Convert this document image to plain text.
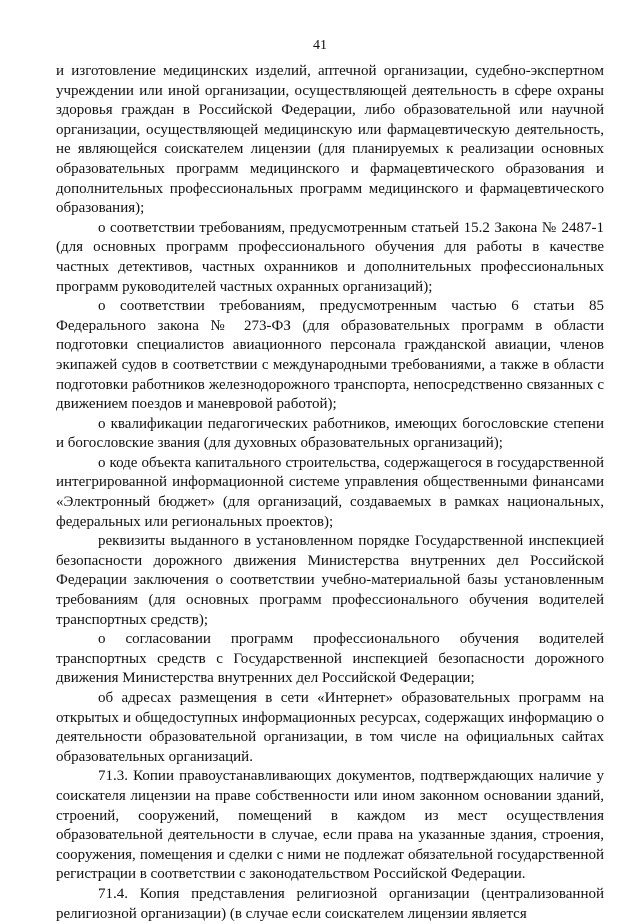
41

и изготовление медицинских изделий, аптечной организации, судебно-экспертном учреждении или иной организации, осуществляющей деятельность в сфере охраны здоровья граждан в Российской Федерации, либо образовательной или научной организации, осуществляющей медицинскую или фармацевтическую деятельность, не являющейся соискателем лицензии (для планируемых к реализации основных образовательных программ медицинского и фармацевтического образования и дополнительных профессиональных программ медицинского и фармацевтического образования);

о соответствии требованиям, предусмотренным статьей 15.2 Закона № 2487-1 (для основных программ профессионального обучения для работы в качестве частных детективов, частных охранников и дополнительных профессиональных программ руководителей частных охранных организаций);

о соответствии требованиям, предусмотренным частью 6 статьи 85 Федерального закона № 273-ФЗ (для образовательных программ в области подготовки специалистов авиационного персонала гражданской авиации, членов экипажей судов в соответствии с международными требованиями, а также в области подготовки работников железнодорожного транспорта, непосредственно связанных с движением поездов и маневровой работой);

о квалификации педагогических работников, имеющих богословские степени и богословские звания (для духовных образовательных организаций);

о коде объекта капитального строительства, содержащегося в государственной интегрированной информационной системе управления общественными финансами «Электронный бюджет» (для организаций, создаваемых в рамках национальных, федеральных или региональных проектов);

реквизиты выданного в установленном порядке Государственной инспекцией безопасности дорожного движения Министерства внутренних дел Российской Федерации заключения о соответствии учебно-материальной базы установленным требованиям (для основных программ профессионального обучения водителей транспортных средств);

о согласовании программ профессионального обучения водителей транспортных средств с Государственной инспекцией безопасности дорожного движения Министерства внутренних дел Российской Федерации;

об адресах размещения в сети «Интернет» образовательных программ на открытых и общедоступных информационных ресурсах, содержащих информацию о деятельности образовательной организации, в том числе на официальных сайтах образовательных организаций.

71.3. Копии правоустанавливающих документов, подтверждающих наличие у соискателя лицензии на праве собственности или ином законном основании зданий, строений, сооружений, помещений в каждом из мест осуществления образовательной деятельности в случае, если права на указанные здания, строения, сооружения, помещения и сделки с ними не подлежат обязательной государственной регистрации в соответствии с законодательством Российской Федерации.

71.4. Копия представления религиозной организации (централизованной религиозной организации) (в случае если соискателем лицензии является
